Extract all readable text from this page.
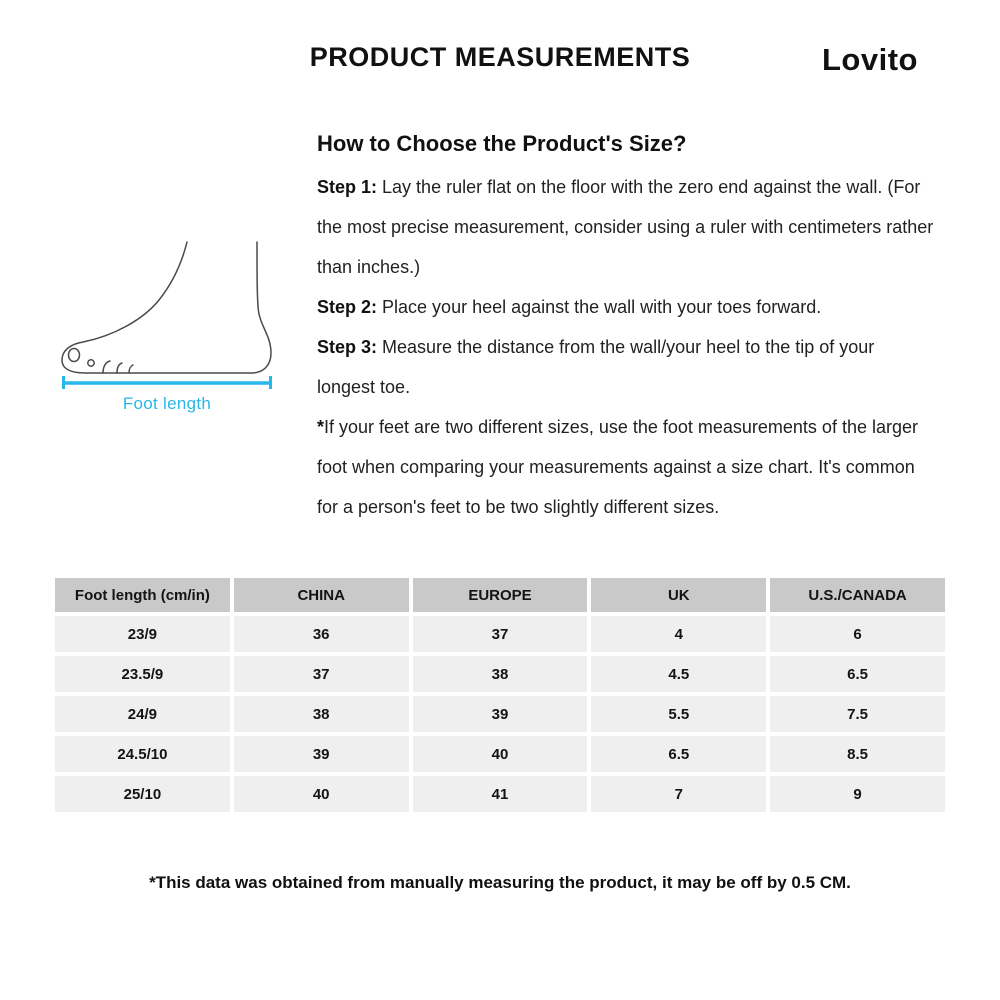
PRODUCT MEASUREMENTS	Lovito
Foot length
How to Choose the Product's Size?

Step 1: Lay the ruler flat on the floor with the zero end against the wall. (For the most precise measurement, consider using a ruler with centimeters rather than inches.)

Step 2: Place your heel against the wall with your toes forward.

Step 3: Measure the distance from the wall/your heel to the tip of your longest toe.

*If your feet are two different sizes, use the foot measurements of the larger foot when comparing your measurements against a size chart. It's common for a person's feet to be two slightly different sizes.

Foot length (cm/in)	CHINA	EUROPE	UK	U.S./CANADA
23/9	36	37	4	6
23.5/9	37	38	4.5	6.5
24/9	38	39	5.5	7.5
24.5/10	39	40	6.5	8.5
25/10	40	41	7	9
*This data was obtained from manually measuring the product, it may be off by 0.5 CM.
